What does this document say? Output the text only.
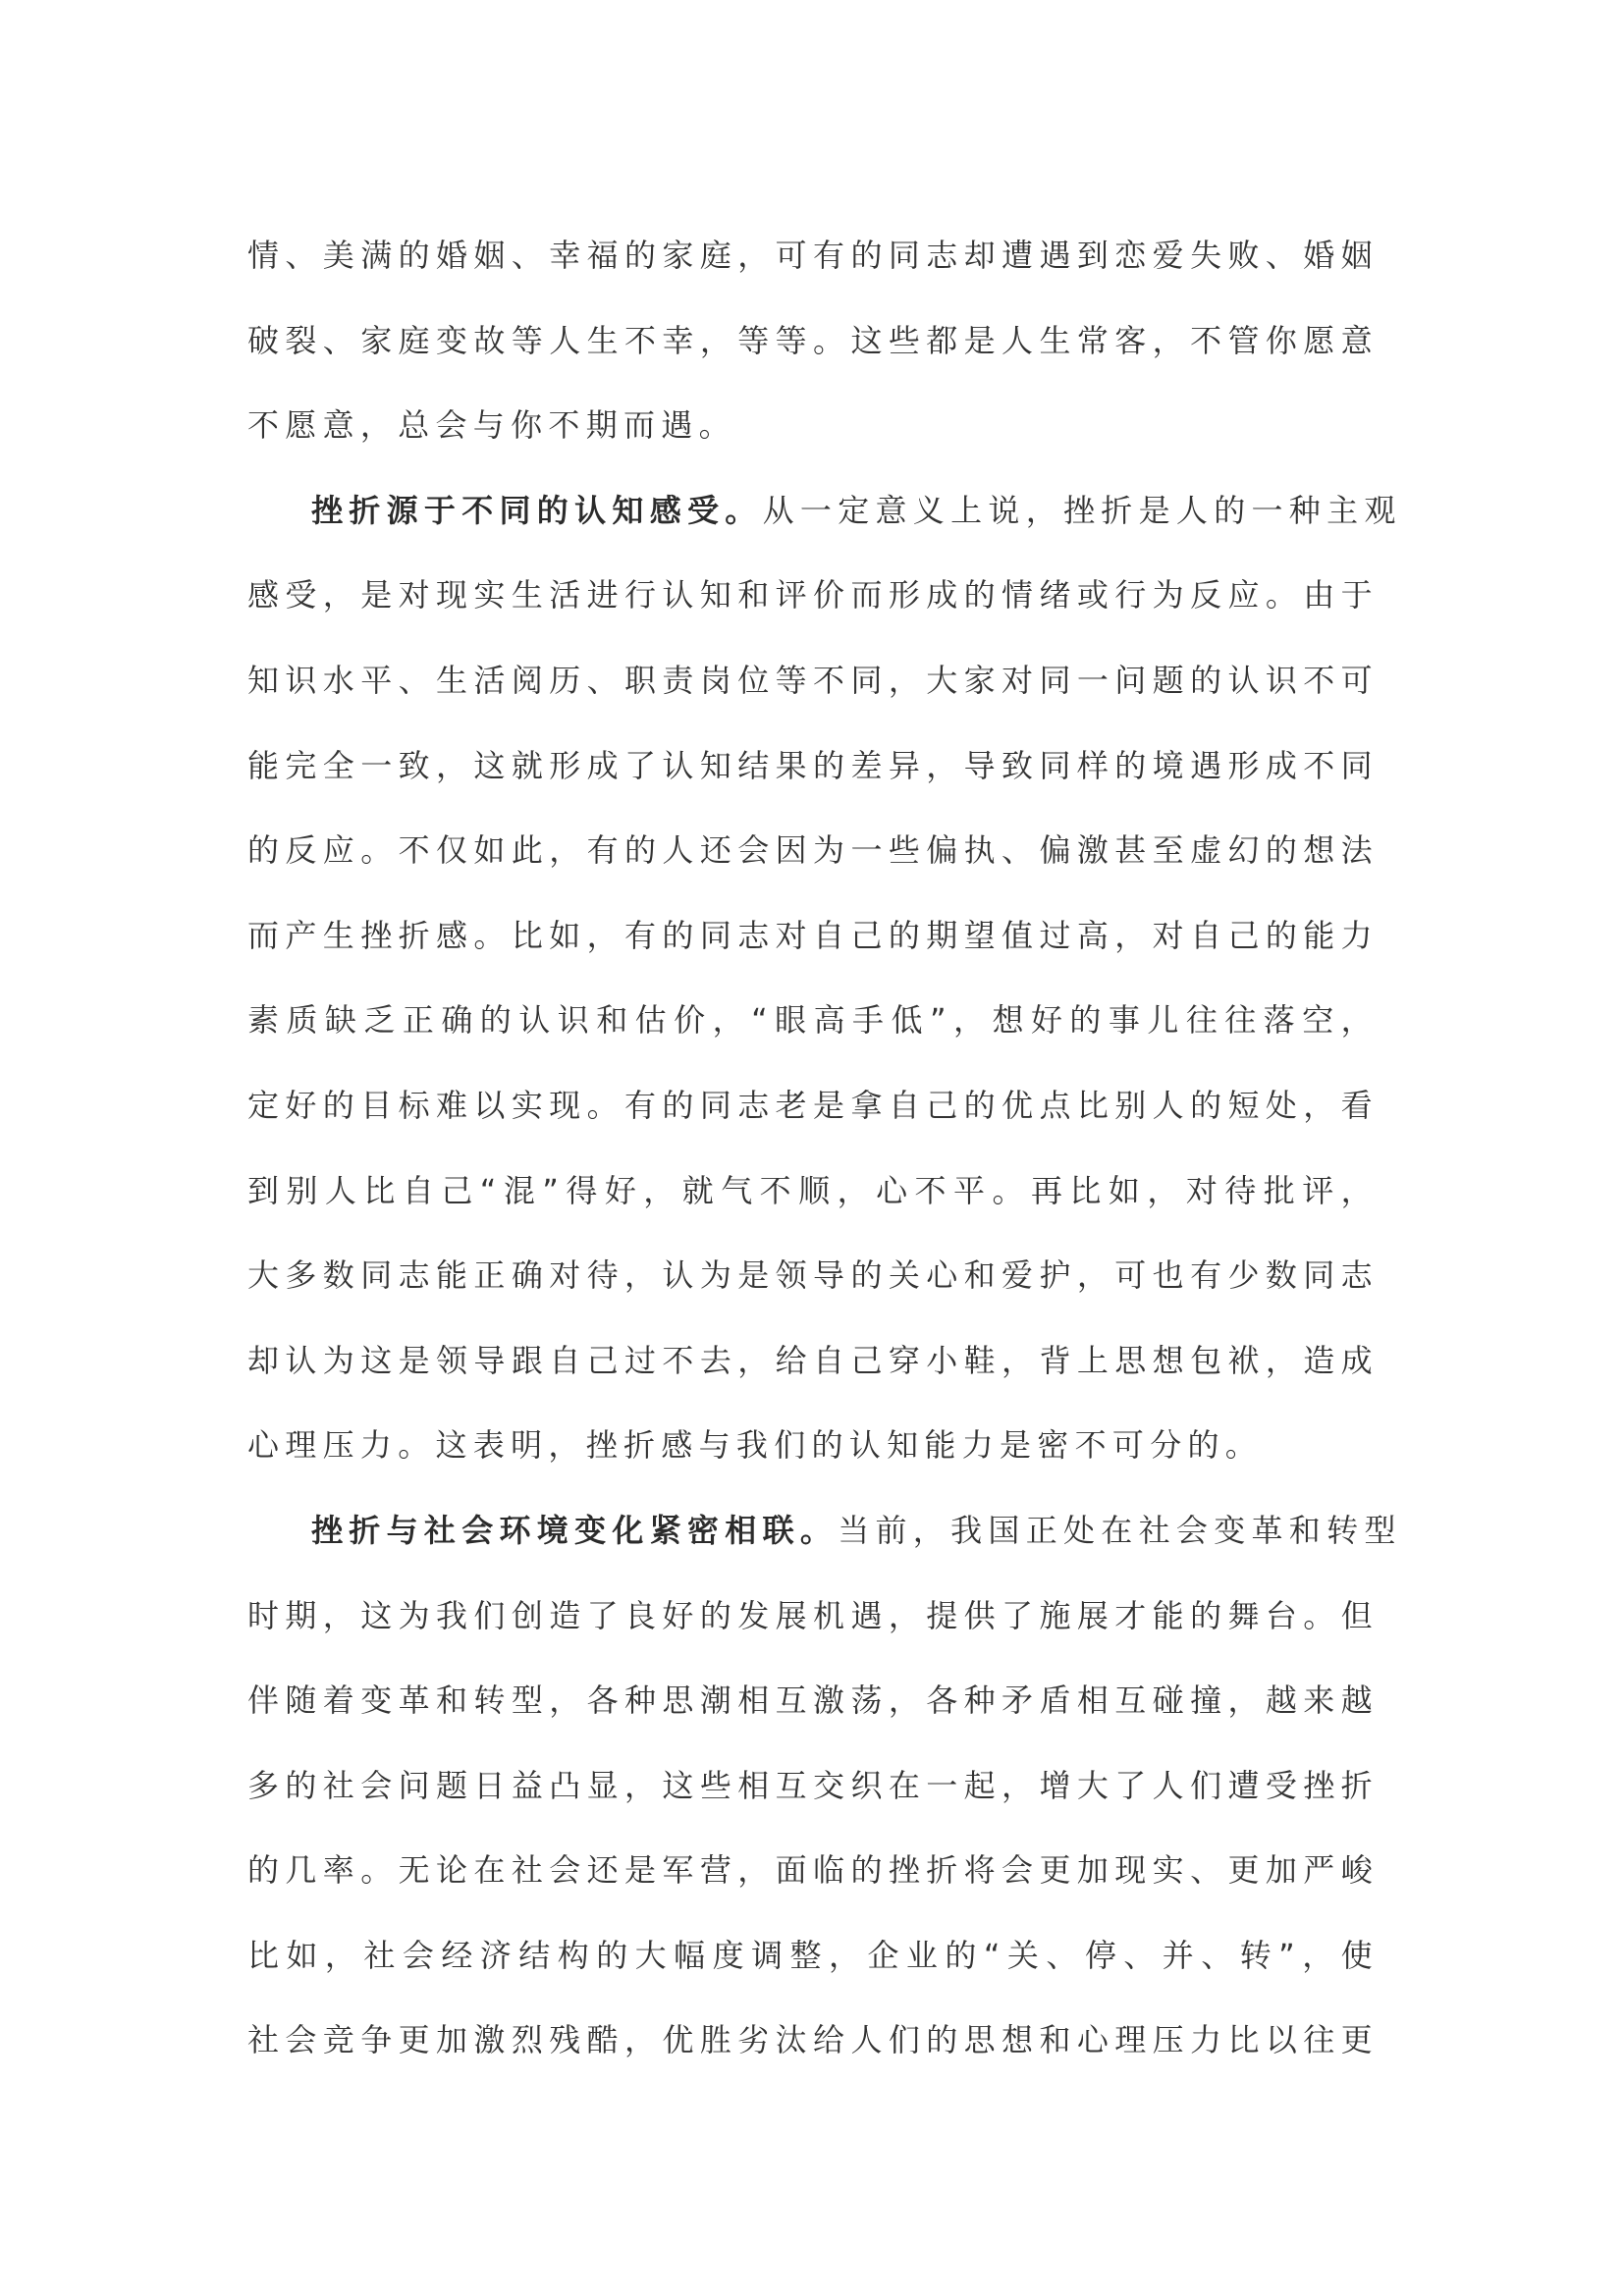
情、美满的婚姻、幸福的家庭，可有的同志却遭遇到恋爱失败、婚姻
破裂、家庭变故等人生不幸，等等。这些都是人生常客，不管你愿意
不愿意，总会与你不期而遇。
挫折源于不同的认知感受。从一定意义上说，挫折是人的一种主观
感受，是对现实生活进行认知和评价而形成的情绪或行为反应。由于
知识水平、生活阅历、职责岗位等不同，大家对同一问题的认识不可
能完全一致，这就形成了认知结果的差异，导致同样的境遇形成不同
的反应。不仅如此，有的人还会因为一些偏执、偏激甚至虚幻的想法
而产生挫折感。比如，有的同志对自己的期望值过高，对自己的能力
素质缺乏正确的认识和估价，“眼高手低”，想好的事儿往往落空，
定好的目标难以实现。有的同志老是拿自己的优点比别人的短处，看
到别人比自己“混”得好，就气不顺，心不平。再比如，对待批评，
大多数同志能正确对待，认为是领导的关心和爱护，可也有少数同志
却认为这是领导跟自己过不去，给自己穿小鞋，背上思想包袱，造成
心理压力。这表明，挫折感与我们的认知能力是密不可分的。
挫折与社会环境变化紧密相联。当前，我国正处在社会变革和转型
时期，这为我们创造了良好的发展机遇，提供了施展才能的舞台。但
伴随着变革和转型，各种思潮相互激荡，各种矛盾相互碰撞，越来越
多的社会问题日益凸显，这些相互交织在一起，增大了人们遭受挫折
的几率。无论在社会还是军营，面临的挫折将会更加现实、更加严峻
比如，社会经济结构的大幅度调整，企业的“关、停、并、转”，使
社会竞争更加激烈残酷，优胜劣汰给人们的思想和心理压力比以往更
